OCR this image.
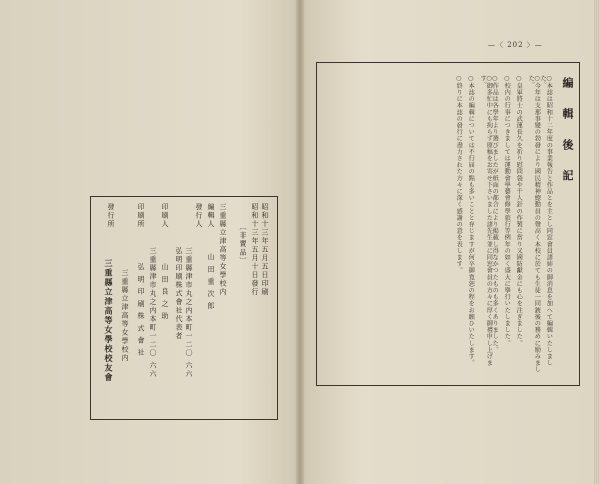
昭和十三年五月五日印刷
昭和十三年五月十日發行
〔非賣品〕
三重縣立津高等女學校内
編輯人
山 田 重 次 郎
發行人
三重縣津市丸之内本町一二〇 六六
弘明印刷株式會社代表者
印刷人
山 田 良 之 助
三重縣津市丸之内本町一二〇 六六
印刷所
弘 明 印 刷 株 式 會 社
三重縣立津高等女學校内
發行所
三重縣立津高等女學校校友會
—〈 202 〉—
編 輯 後 記
○本誌は昭和十二年度の事業報告と作品とを主とし同窓會員諸姉の御消息を加へて編輯いたしました。
○今年は支那事變の勃發により國民精神總動員の聲高く本校に於ても生徒一同銃後の務めに励みました。
○皇軍將士の武運長久を祈り慰問袋や千人針の作製に當り又國防獻金にも心を注ぎました。
○校内の行事につきましては運動會學藝會修學旅行等例年の如く盛大に擧行いたしました。
○作品は各學年より選びましたが紙面の都合により掲載し得なかつたものも多くありました。
○御多忙中にも拘らず原稿をお寄せ下さいました諸先生並に同窓會員の方々に厚く御禮申し上げます。
○本誌の編輯については不行届の點も多いことと存じますが何卒御寛恕の程をお願ひいたします。
○終りに本誌の發行に盡力された方々に深く感謝の意を表します。
